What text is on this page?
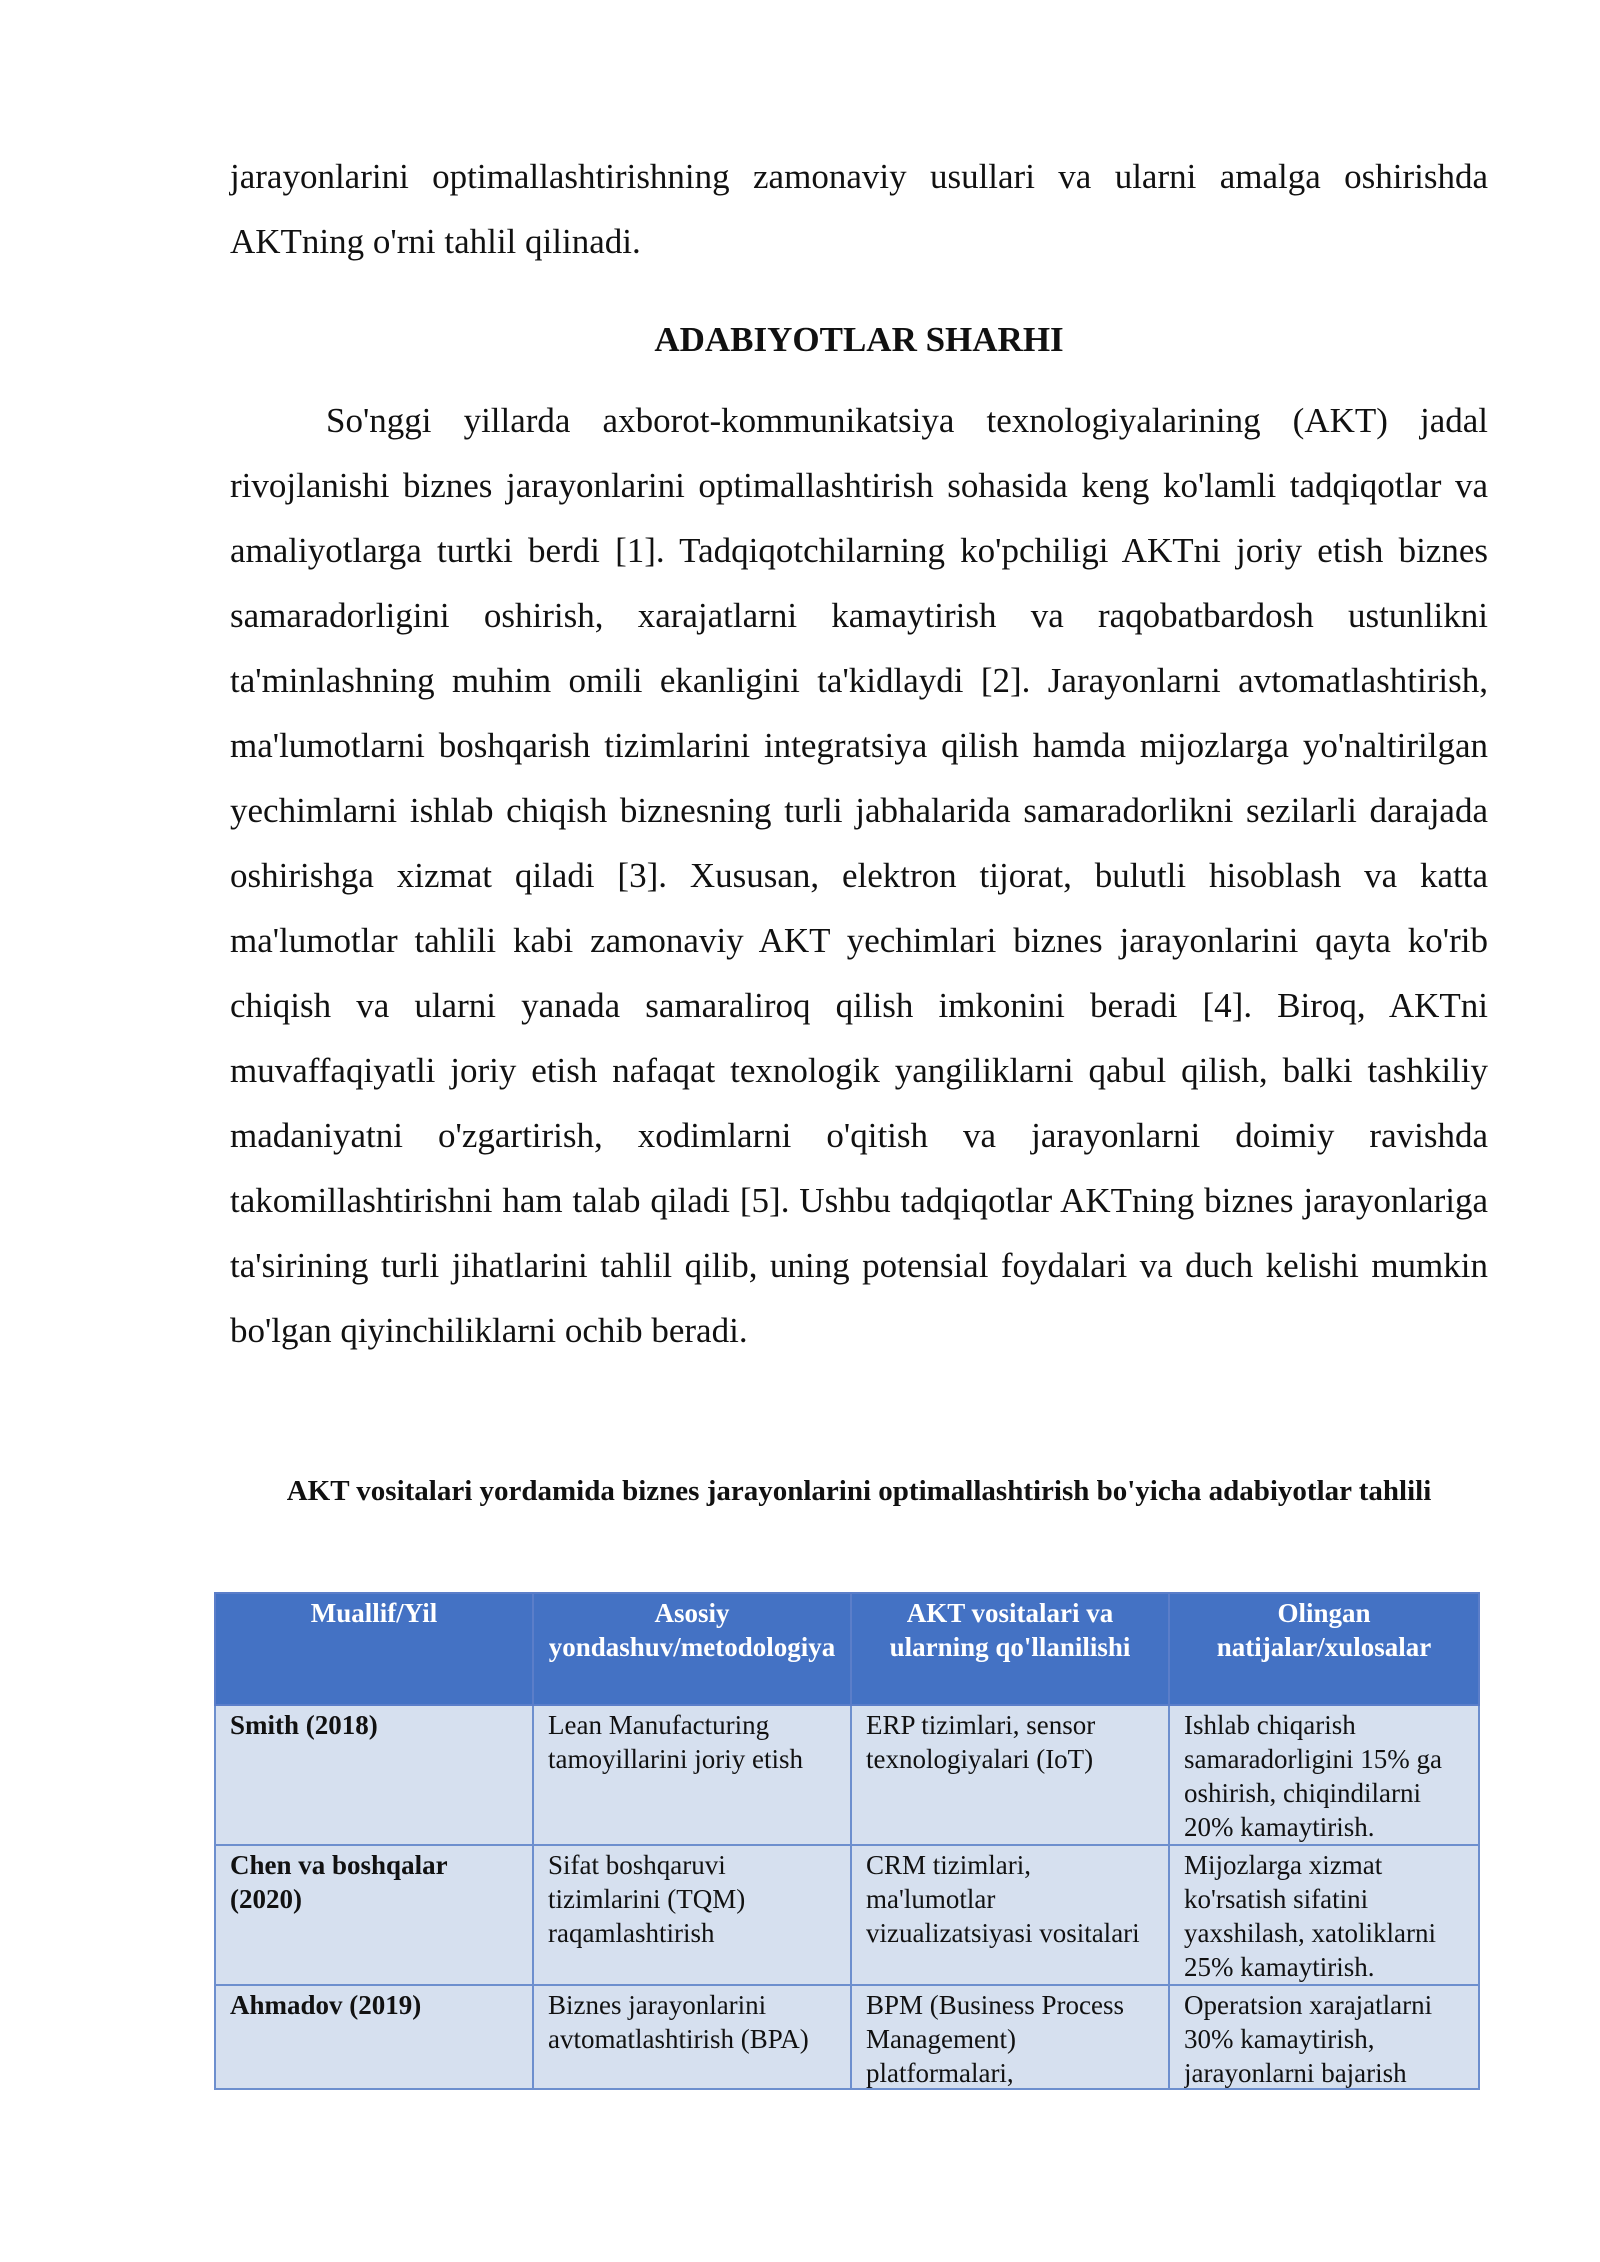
jarayonlarini optimallashtirishning zamonaviy usullari va ularni amalga oshirishda AKTning o'rni tahlil qilinadi.

ADABIYOTLAR SHARHI

So'nggi yillarda axborot-kommunikatsiya texnologiyalarining (AKT) jadal rivojlanishi biznes jarayonlarini optimallashtirish sohasida keng ko'lamli tadqiqotlar va amaliyotlarga turtki berdi [1]. Tadqiqotchilarning ko'pchiligi AKTni joriy etish biznes samaradorligini oshirish, xarajatlarni kamaytirish va raqobatbardosh ustunlikni ta'minlashning muhim omili ekanligini ta'kidlaydi [2]. Jarayonlarni avtomatlashtirish, ma'lumotlarni boshqarish tizimlarini integratsiya qilish hamda mijozlarga yo'naltirilgan yechimlarni ishlab chiqish biznesning turli jabhalarida samaradorlikni sezilarli darajada oshirishga xizmat qiladi [3]. Xususan, elektron tijorat, bulutli hisoblash va katta ma'lumotlar tahlili kabi zamonaviy AKT yechimlari biznes jarayonlarini qayta ko'rib chiqish va ularni yanada samaraliroq qilish imkonini beradi [4]. Biroq, AKTni muvaffaqiyatli joriy etish nafaqat texnologik yangiliklarni qabul qilish, balki tashkiliy madaniyatni o'zgartirish, xodimlarni o'qitish va jarayonlarni doimiy ravishda takomillashtirishni ham talab qiladi [5]. Ushbu tadqiqotlar AKTning biznes jarayonlariga ta'sirining turli jihatlarini tahlil qilib, uning potensial foydalari va duch kelishi mumkin bo'lgan qiyinchiliklarni ochib beradi.

AKT vositalari yordamida biznes jarayonlarini optimallashtirish bo'yicha adabiyotlar tahlili

Muallif/Yil	Asosiy yondashuv/metodologiya	AKT vositalari va ularning qo'llanilishi	Olingan natijalar/xulosalar
Smith (2018)	Lean Manufacturing tamoyillarini joriy etish	ERP tizimlari, sensor texnologiyalari (IoT)	Ishlab chiqarish samaradorligini 15% ga oshirish, chiqindilarni 20% kamaytirish.
Chen va boshqalar (2020)	Sifat boshqaruvi tizimlarini (TQM) raqamlashtirish	CRM tizimlari, ma'lumotlar vizualizatsiyasi vositalari	Mijozlarga xizmat ko'rsatish sifatini yaxshilash, xatoliklarni 25% kamaytirish.

Ahmadov (2019)	Biznes jarayonlarini avtomatlashtirish (BPA)	BPM (Business Process Management) platformalari,	Operatsion xarajatlarni 30% kamaytirish, jarayonlarni bajarish
